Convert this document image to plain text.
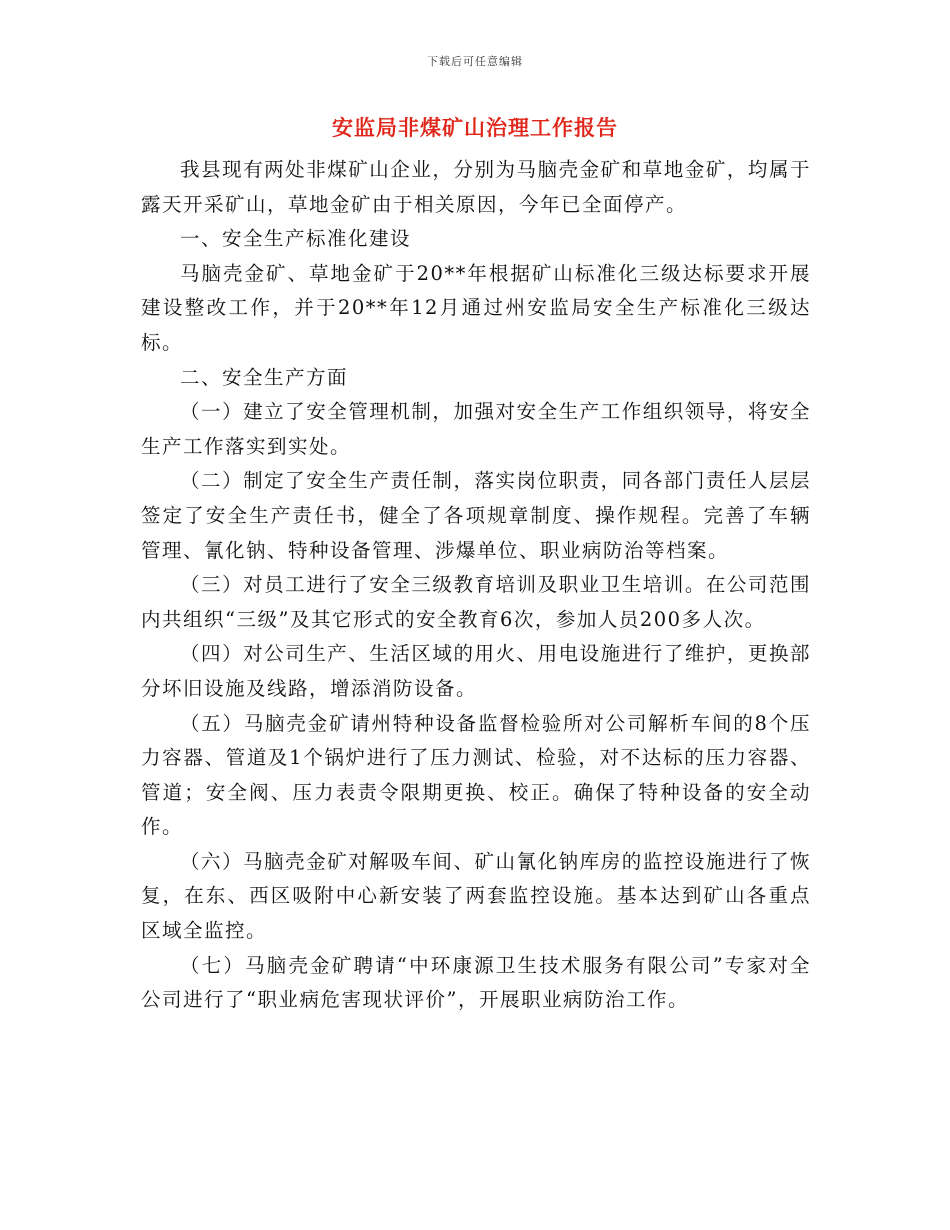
下载后可任意编辑
安监局非煤矿山治理工作报告

我县现有两处非煤矿山企业，分别为马脑壳金矿和草地金矿，均属于露天开采矿山，草地金矿由于相关原因，今年已全面停产。

一、安全生产标准化建设

马脑壳金矿、草地金矿于20**年根据矿山标准化三级达标要求开展建设整改工作，并于20**年12月通过州安监局安全生产标准化三级达标。

二、安全生产方面

（一）建立了安全管理机制，加强对安全生产工作组织领导，将安全生产工作落实到实处。

（二）制定了安全生产责任制，落实岗位职责，同各部门责任人层层签定了安全生产责任书，健全了各项规章制度、操作规程。完善了车辆管理、氰化钠、特种设备管理、涉爆单位、职业病防治等档案。

（三）对员工进行了安全三级教育培训及职业卫生培训。在公司范围内共组织“三级”及其它形式的安全教育6次，参加人员200多人次。

（四）对公司生产、生活区域的用火、用电设施进行了维护，更换部分坏旧设施及线路，增添消防设备。

（五）马脑壳金矿请州特种设备监督检验所对公司解析车间的8个压力容器、管道及1个锅炉进行了压力测试、检验，对不达标的压力容器、管道；安全阀、压力表责令限期更换、校正。确保了特种设备的安全动作。

（六）马脑壳金矿对解吸车间、矿山氰化钠库房的监控设施进行了恢复，在东、西区吸附中心新安装了两套监控设施。基本达到矿山各重点区域全监控。

（七）马脑壳金矿聘请“中环康源卫生技术服务有限公司”专家对全公司进行了“职业病危害现状评价”，开展职业病防治工作。
